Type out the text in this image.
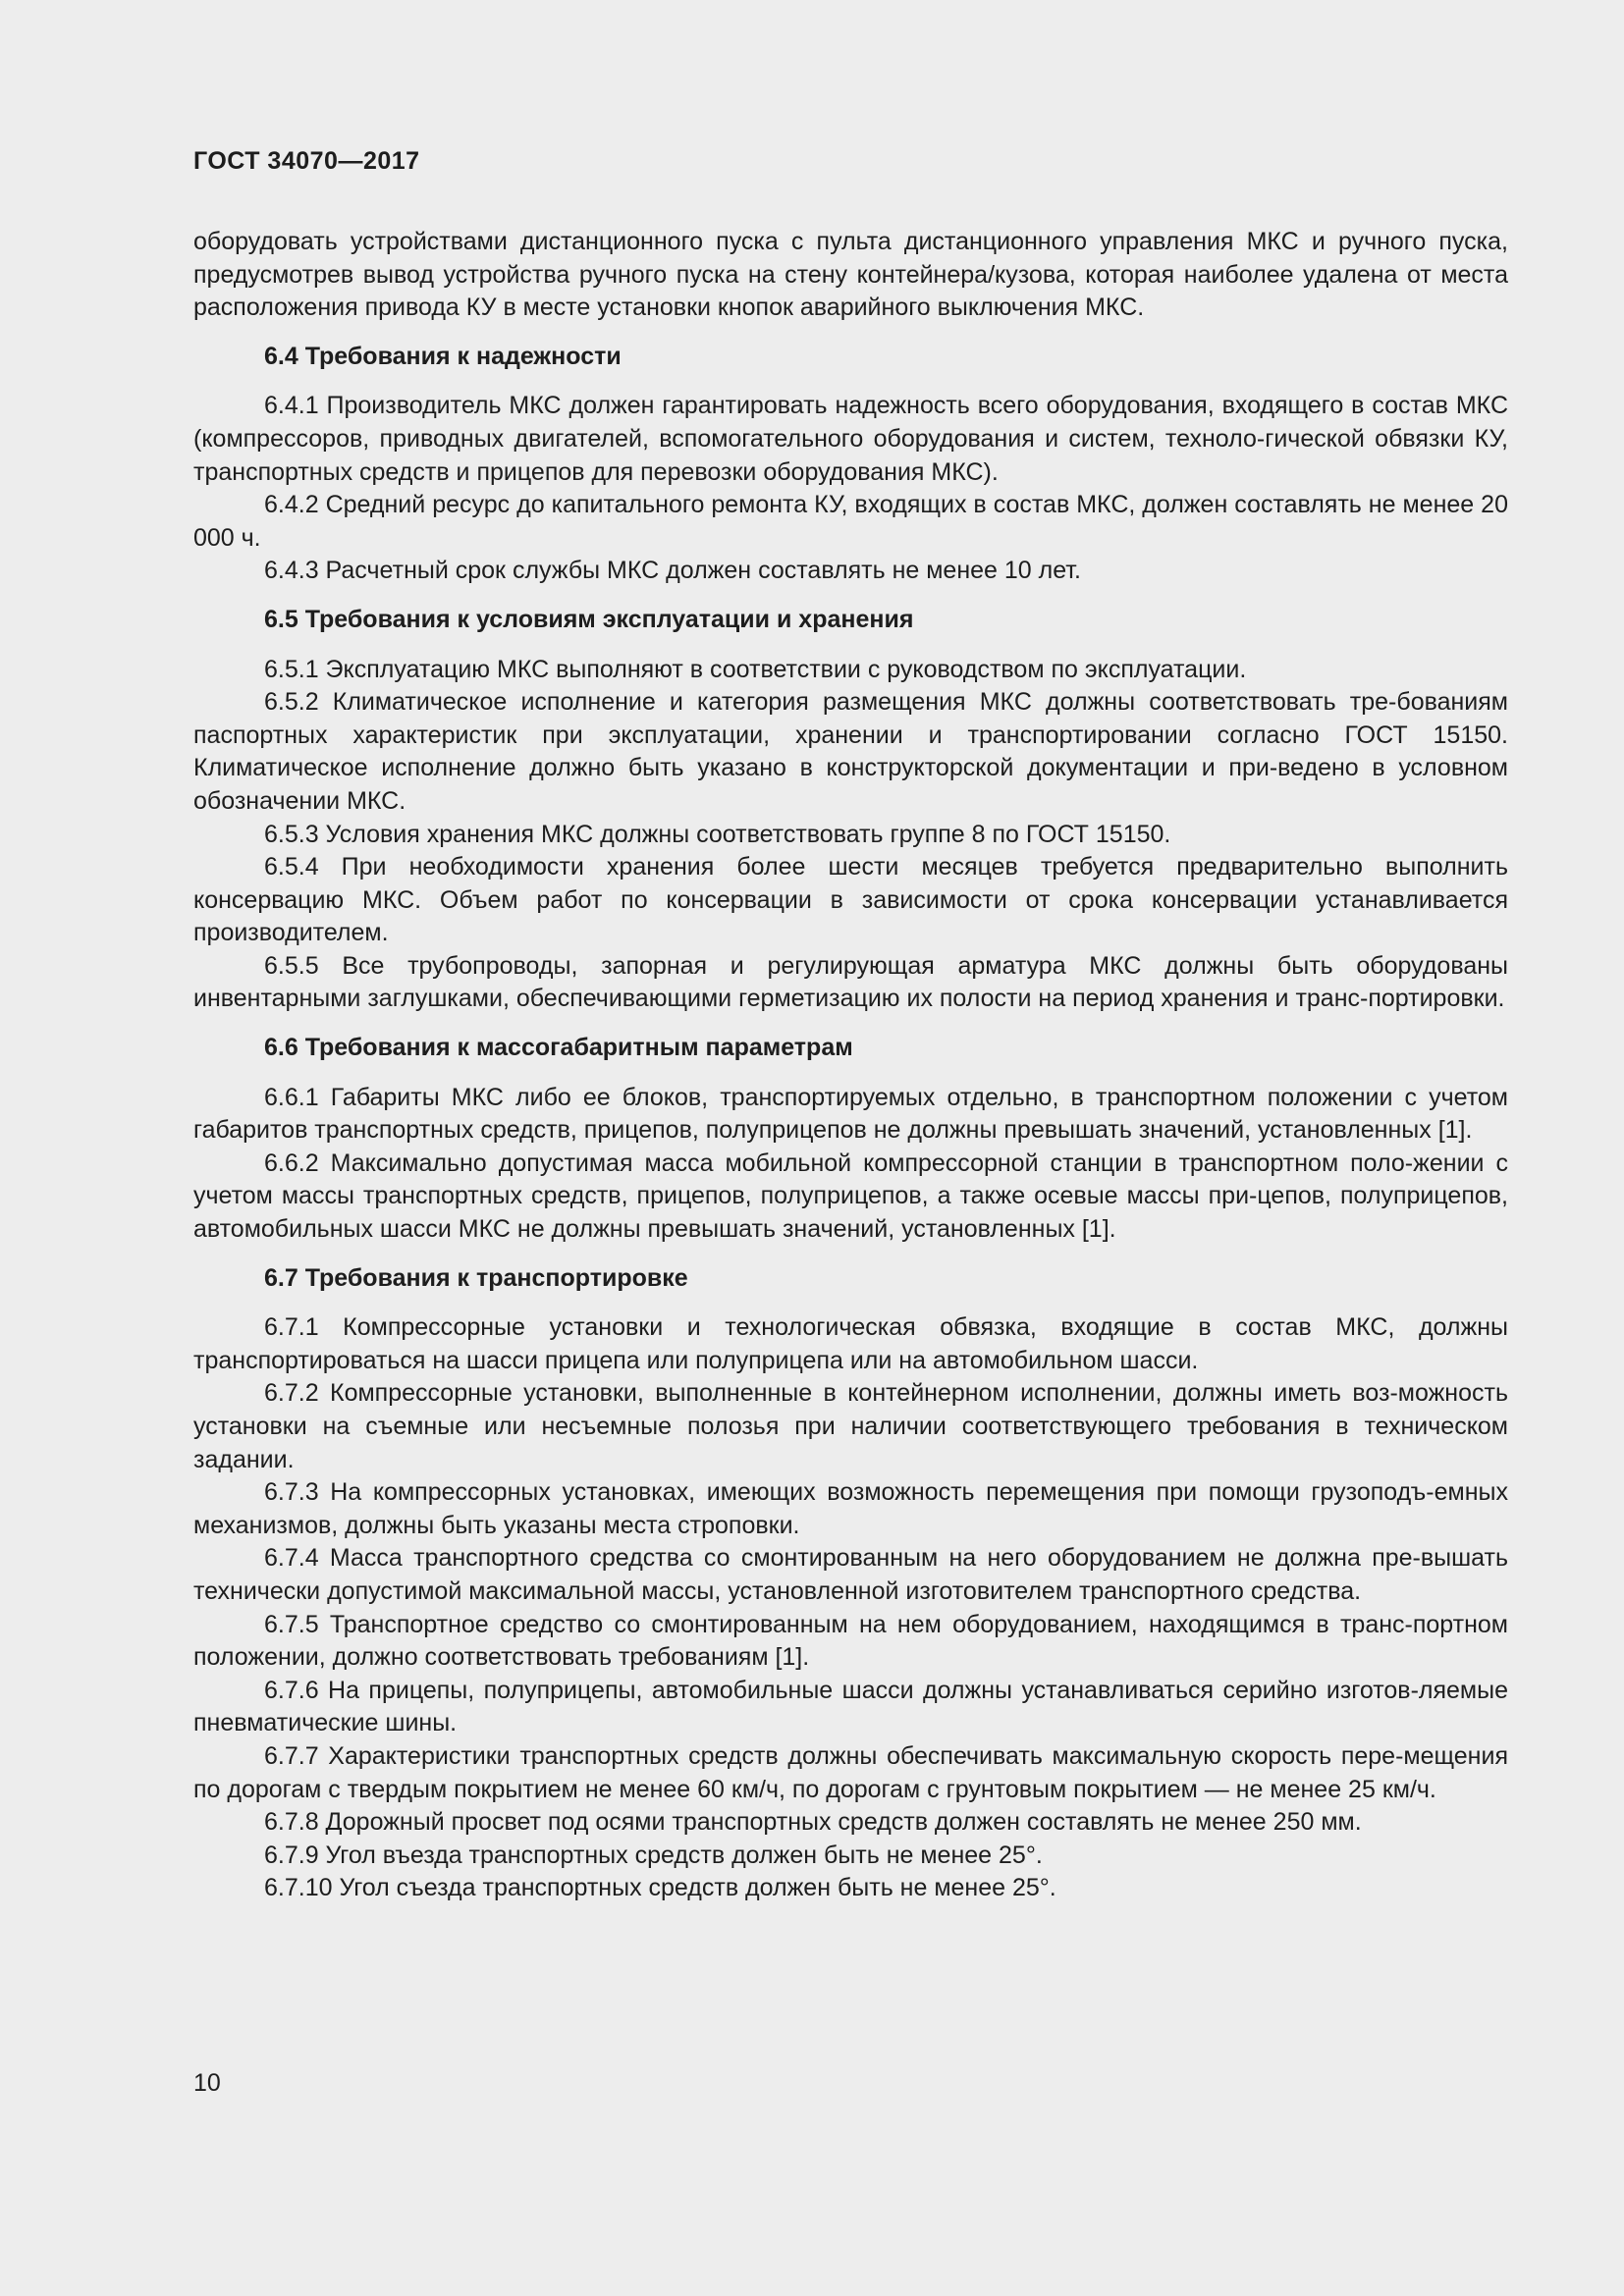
ГОСТ 34070—2017

оборудовать устройствами дистанционного пуска с пульта дистанционного управления МКС и ручного пуска, предусмотрев вывод устройства ручного пуска на стену контейнера/кузова, которая наиболее удалена от места расположения привода КУ в месте установки кнопок аварийного выключения МКС.

6.4 Требования к надежности

6.4.1 Производитель МКС должен гарантировать надежность всего оборудования, входящего в состав МКС (компрессоров, приводных двигателей, вспомогательного оборудования и систем, техноло-гической обвязки КУ, транспортных средств и прицепов для перевозки оборудования МКС).

6.4.2 Средний ресурс до капитального ремонта КУ, входящих в состав МКС, должен составлять не менее 20 000 ч.

6.4.3 Расчетный срок службы МКС должен составлять не менее 10 лет.

6.5 Требования к условиям эксплуатации и хранения

6.5.1 Эксплуатацию МКС выполняют в соответствии с руководством по эксплуатации.

6.5.2 Климатическое исполнение и категория размещения МКС должны соответствовать тре-бованиям паспортных характеристик при эксплуатации, хранении и транспортировании согласно ГОСТ 15150. Климатическое исполнение должно быть указано в конструкторской документации и при-ведено в условном обозначении МКС.

6.5.3 Условия хранения МКС должны соответствовать группе 8 по ГОСТ 15150.

6.5.4 При необходимости хранения более шести месяцев требуется предварительно выполнить консервацию МКС. Объем работ по консервации в зависимости от срока консервации устанавливается производителем.

6.5.5 Все трубопроводы, запорная и регулирующая арматура МКС должны быть оборудованы инвентарными заглушками, обеспечивающими герметизацию их полости на период хранения и транс-портировки.

6.6 Требования к массогабаритным параметрам

6.6.1 Габариты МКС либо ее блоков, транспортируемых отдельно, в транспортном положении с учетом габаритов транспортных средств, прицепов, полуприцепов не должны превышать значений, установленных [1].

6.6.2 Максимально допустимая масса мобильной компрессорной станции в транспортном поло-жении с учетом массы транспортных средств, прицепов, полуприцепов, а также осевые массы при-цепов, полуприцепов, автомобильных шасси МКС не должны превышать значений, установленных [1].

6.7 Требования к транспортировке

6.7.1 Компрессорные установки и технологическая обвязка, входящие в состав МКС, должны транспортироваться на шасси прицепа или полуприцепа или на автомобильном шасси.

6.7.2 Компрессорные установки, выполненные в контейнерном исполнении, должны иметь воз-можность установки на съемные или несъемные полозья при наличии соответствующего требования в техническом задании.

6.7.3 На компрессорных установках, имеющих возможность перемещения при помощи грузоподъ-емных механизмов, должны быть указаны места строповки.

6.7.4 Масса транспортного средства со смонтированным на него оборудованием не должна пре-вышать технически допустимой максимальной массы, установленной изготовителем транспортного средства.

6.7.5 Транспортное средство со смонтированным на нем оборудованием, находящимся в транс-портном положении, должно соответствовать требованиям [1].

6.7.6 На прицепы, полуприцепы, автомобильные шасси должны устанавливаться серийно изготов-ляемые пневматические шины.

6.7.7 Характеристики транспортных средств должны обеспечивать максимальную скорость пере-мещения по дорогам с твердым покрытием не менее 60 км/ч, по дорогам с грунтовым покрытием — не менее 25 км/ч.

6.7.8 Дорожный просвет под осями транспортных средств должен составлять не менее 250 мм.

6.7.9 Угол въезда транспортных средств должен быть не менее 25°.

6.7.10 Угол съезда транспортных средств должен быть не менее 25°.

10
